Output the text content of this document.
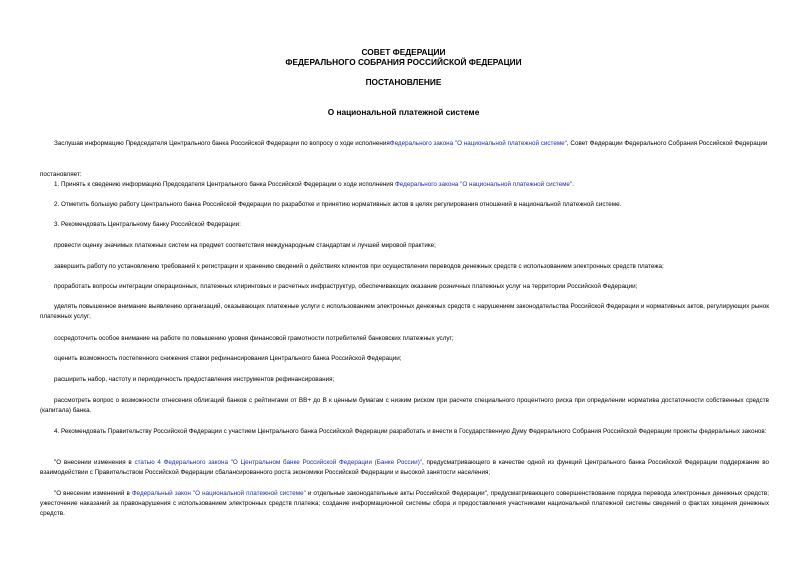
СОВЕТ ФЕДЕРАЦИИ
ФЕДЕРАЛЬНОГО СОБРАНИЯ РОССИЙСКОЙ ФЕДЕРАЦИИ
ПОСТАНОВЛЕНИЕ
О национальной платежной системе
Заслушав информацию Председателя Центрального банка Российской Федерации по вопросу о ходе исполненияФедерального закона "О национальной платежной системе", Совет Федерации Федерального Собрания Российской Федерации
постановляет:
1. Принять к сведению информацию Председателя Центрального банка Российской Федерации о ходе исполнения Федерального закона "О национальной платежной системе".
2. Отметить большую работу Центрального банка Российской Федерации по разработке и принятию нормативных актов в целях регулирования отношений в национальной платежной системе.
3. Рекомендовать Центральному банку Российской Федерации:
провести оценку значимых платежных систем на предмет соответствия международным стандартам и лучшей мировой практике;
завершить работу по установлению требований к регистрации и хранению сведений о действиях клиентов при осуществлении переводов денежных средств с использованием электронных средств платежа;
проработать вопросы интеграции операционных, платежных клиринговых и расчетных инфраструктур, обеспечивающих оказание розничных платежных услуг на территории Российской Федерации;
уделять повышенное внимание выявлению организаций, оказывающих платежные услуги с использованием электронных денежных средств с нарушением законодательства Российской Федерации и нормативных актов, регулирующих рынок платежных услуг;
сосредоточить особое внимание на работе по повышению уровня финансовой грамотности потребителей банковских платежных услуг;
оценить возможность постепенного снижения ставки рефинансирования Центрального банка Российской Федерации;
расширить набор, частоту и периодичность предоставления инструментов рефинансирования;
рассмотреть вопрос о возможности отнесения облигаций банков с рейтингами от ВВ+ до В к ценным бумагам с низким риском при расчете специального процентного риска при определении норматива достаточности собственных средств (капитала) банка.
4. Рекомендовать Правительству Российской Федерации с участием Центрального банка Российской Федерации разработать и внести в Государственную Думу Федерального Собрания Российской Федерации проекты федеральных законов:
"О внесении изменения в статью 4 Федерального закона "О Центральном банке Российской Федерации (Банке России)", предусматривающего в качестве одной из функций Центрального банка Российской Федерации поддержание во взаимодействии с Правительством Российской Федерации сбалансированного роста экономики Российской Федерации и высокой занятости населения;
"О внесении изменений в Федеральный закон "О национальной платежной системе" и отдельные законодательные акты Российской Федерации", предусматривающего совершенствование порядка перевода электронных денежных средств; ужесточение наказаний за правонарушения с использованием электронных средств платежа; создание информационной системы сбора и предоставления участниками национальной платежной системы сведений о фактах хищения денежных средств.
